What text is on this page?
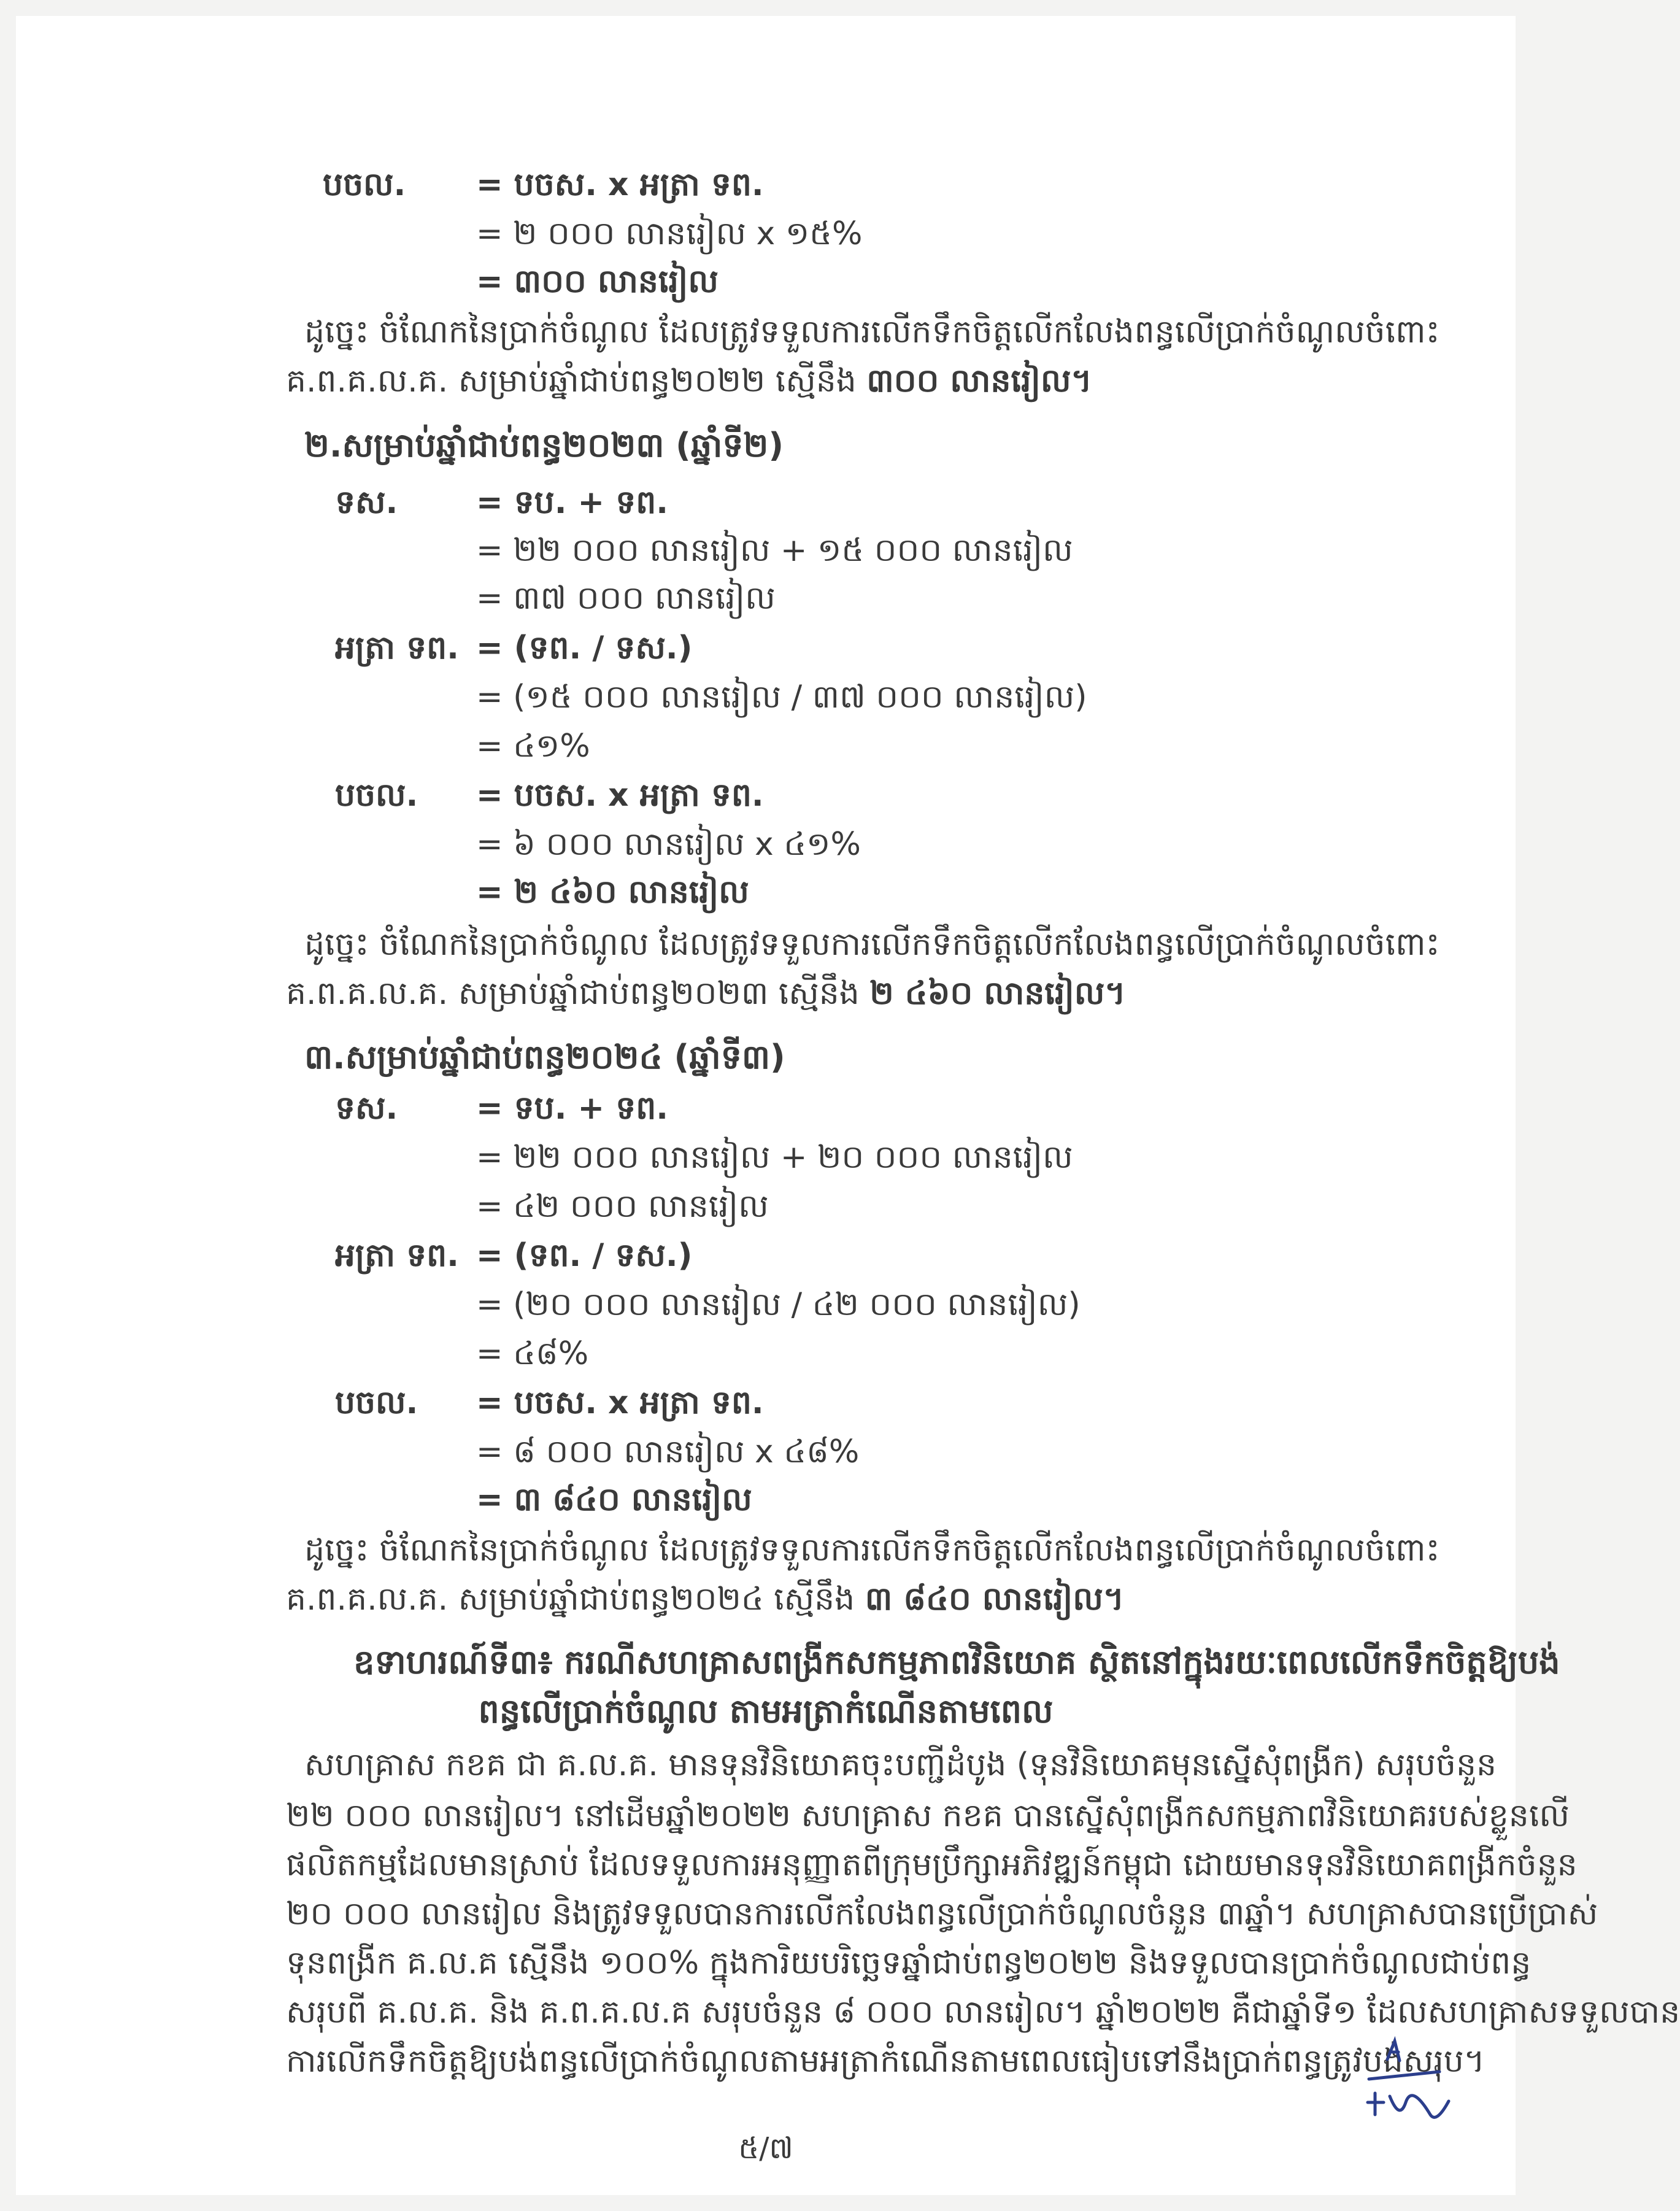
បចល. = បចស. x អត្រា ទព.
= ២ ០០០ លានរៀល x ១៥%
= ៣០០ លានរៀល
ដូច្នេះ ចំណែកនៃប្រាក់ចំណូល ដែលត្រូវទទួលការលើកទឹកចិត្តលើកលែងពន្ធលើប្រាក់ចំណូលចំពោះ
គ.ព.គ.ល.គ. សម្រាប់ឆ្នាំជាប់ពន្ធ២០២២ ស្មើនឹង ៣០០ លានរៀល។
២.សម្រាប់ឆ្នាំជាប់ពន្ធ២០២៣ (ឆ្នាំទី២)
ទស. = ទប. + ទព.
= ២២ ០០០ លានរៀល + ១៥ ០០០ លានរៀល
= ៣៧ ០០០ លានរៀល
អត្រា ទព. = (ទព. / ទស.)
= (១៥ ០០០ លានរៀល / ៣៧ ០០០ លានរៀល)
= ៤១%
បចល. = បចស. x អត្រា ទព.
= ៦ ០០០ លានរៀល x ៤១%
= ២ ៤៦០ លានរៀល
ដូច្នេះ ចំណែកនៃប្រាក់ចំណូល ដែលត្រូវទទួលការលើកទឹកចិត្តលើកលែងពន្ធលើប្រាក់ចំណូលចំពោះ
គ.ព.គ.ល.គ. សម្រាប់ឆ្នាំជាប់ពន្ធ២០២៣ ស្មើនឹង ២ ៤៦០ លានរៀល។
៣.សម្រាប់ឆ្នាំជាប់ពន្ធ២០២៤ (ឆ្នាំទី៣)
ទស. = ទប. + ទព.
= ២២ ០០០ លានរៀល + ២០ ០០០ លានរៀល
= ៤២ ០០០ លានរៀល
អត្រា ទព. = (ទព. / ទស.)
= (២០ ០០០ លានរៀល / ៤២ ០០០ លានរៀល)
= ៤៨%
បចល. = បចស. x អត្រា ទព.
= ៨ ០០០ លានរៀល x ៤៨%
= ៣ ៨៤០ លានរៀល
ដូច្នេះ ចំណែកនៃប្រាក់ចំណូល ដែលត្រូវទទួលការលើកទឹកចិត្តលើកលែងពន្ធលើប្រាក់ចំណូលចំពោះ
គ.ព.គ.ល.គ. សម្រាប់ឆ្នាំជាប់ពន្ធ២០២៤ ស្មើនឹង ៣ ៨៤០ លានរៀល។
ឧទាហរណ៍ទី៣៖ ករណីសហគ្រាសពង្រីកសកម្មភាពវិនិយោគ ស្ថិតនៅក្នុងរយៈពេលលើកទឹកចិត្តឱ្យបង់
ពន្ធលើប្រាក់ចំណូល តាមអត្រាកំណើនតាមពេល
សហគ្រាស កខគ ជា គ.ល.គ. មានទុនវិនិយោគចុះបញ្ជីដំបូង (ទុនវិនិយោគមុនស្នើសុំពង្រីក) សរុបចំនួន
២២ ០០០ លានរៀល។ នៅដើមឆ្នាំ២០២២ សហគ្រាស កខគ បានស្នើសុំពង្រីកសកម្មភាពវិនិយោគរបស់ខ្លួនលើ
ផលិតកម្មដែលមានស្រាប់ ដែលទទួលការអនុញ្ញាតពីក្រុមប្រឹក្សាអភិវឌ្ឍន៍កម្ពុជា ដោយមានទុនវិនិយោគពង្រីកចំនួន
២០ ០០០ លានរៀល និងត្រូវទទួលបានការលើកលែងពន្ធលើប្រាក់ចំណូលចំនួន ៣ឆ្នាំ។ សហគ្រាសបានប្រើប្រាស់
ទុនពង្រីក គ.ល.គ ស្មើនឹង ១០០% ក្នុងការិយបរិច្ឆេទឆ្នាំជាប់ពន្ធ២០២២ និងទទួលបានប្រាក់ចំណូលជាប់ពន្ធ
សរុបពី គ.ល.គ. និង គ.ព.គ.ល.គ សរុបចំនួន ៨ ០០០ លានរៀល។ ឆ្នាំ២០២២ គឺជាឆ្នាំទី១ ដែលសហគ្រាសទទួលបាន
ការលើកទឹកចិត្តឱ្យបង់ពន្ធលើប្រាក់ចំណូលតាមអត្រាកំណើនតាមពេលធៀបទៅនឹងប្រាក់ពន្ធត្រូវបង់សរុប។
៥/៧
